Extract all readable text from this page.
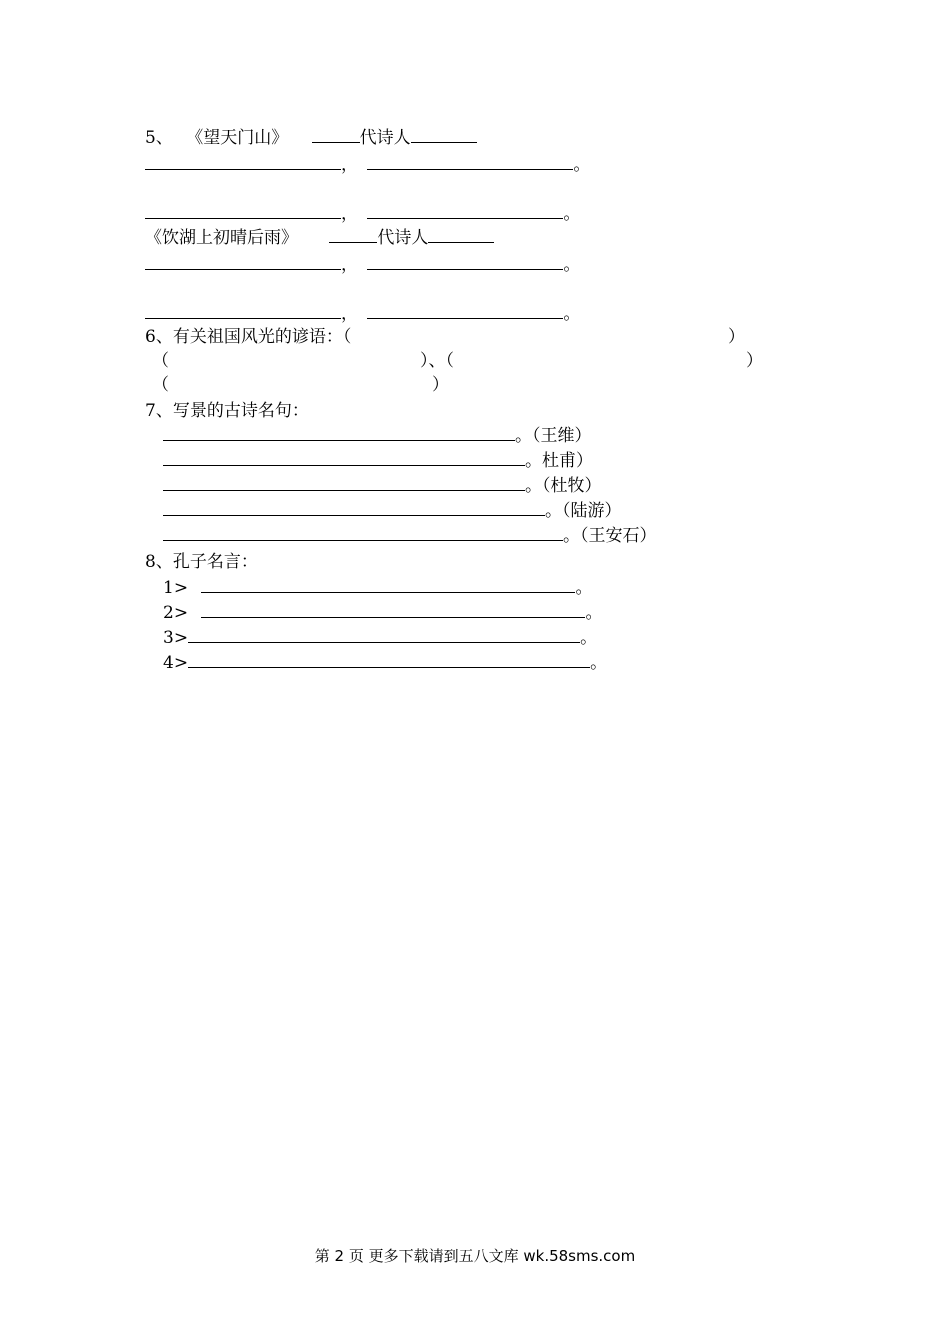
5、 《望天门山》	代诗人
，	。
，	。
《饮湖上初晴后雨》	代诗人
，	。
，	。
6、有关祖国风光的谚语：（	）
（	）、（	）
（	）
7、写景的古诗名句：
。（王维）
。杜甫）
。（杜牧）
。（陆游）
。（王安石）
8、孔子名言：
1>	。
2>	。
3>	。
4>	。
第 2 页 更多下载请到五八文库 wk.58sms.com
